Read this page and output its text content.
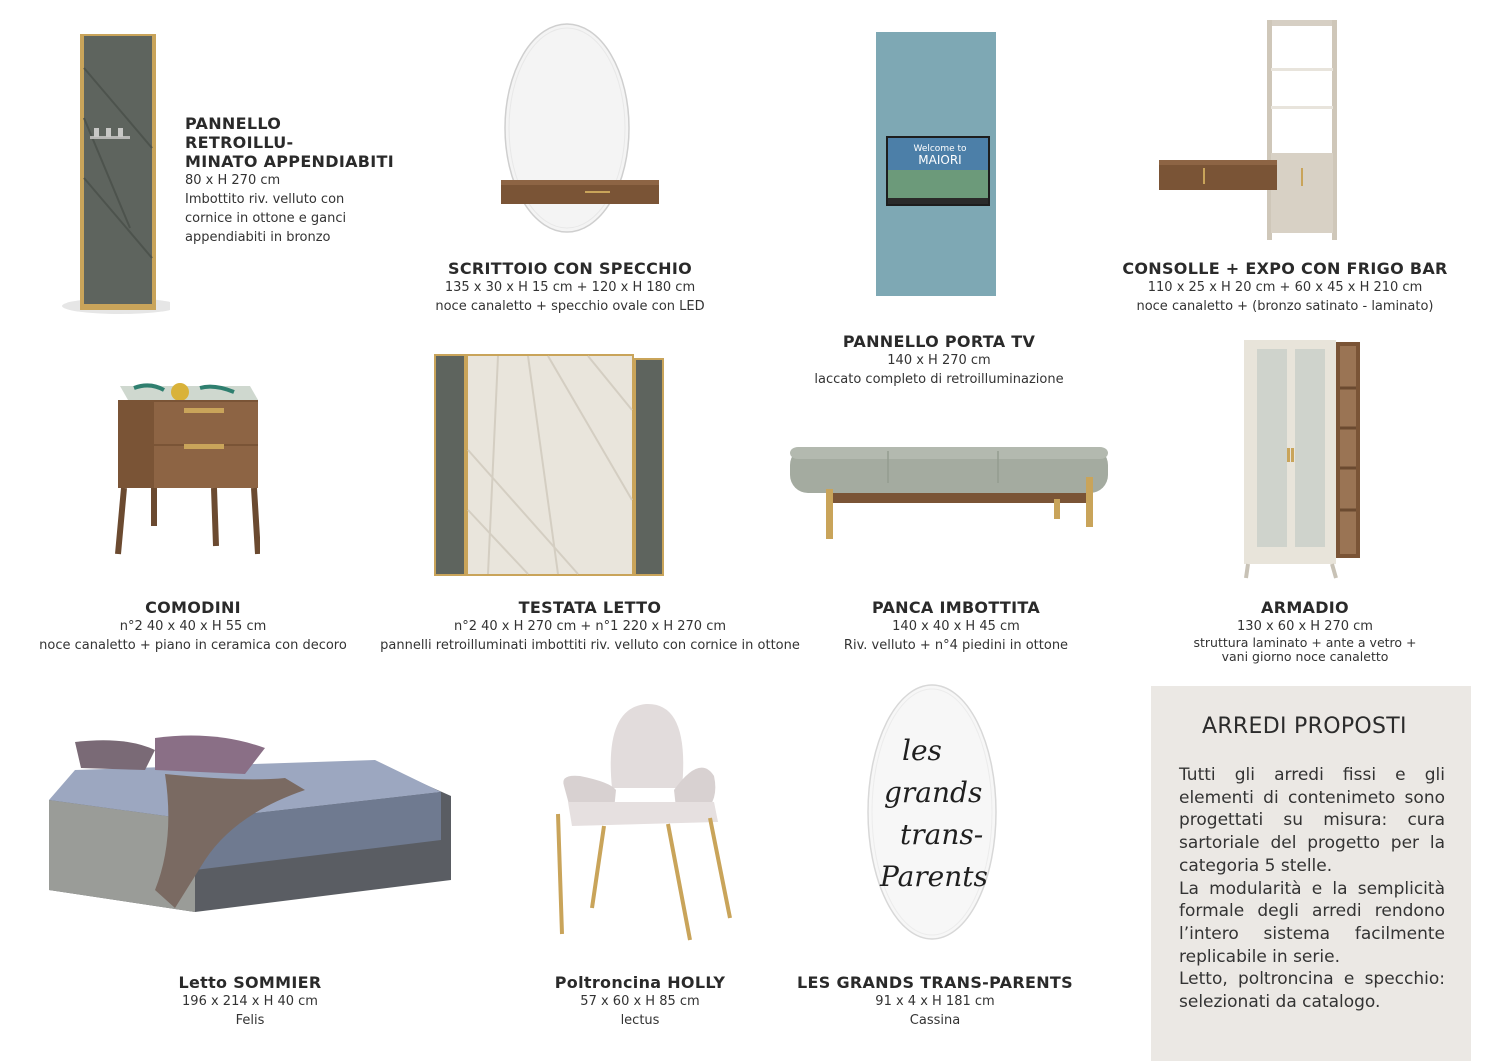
PANNELLO RETROILLU-
MINATO APPENDIABITI
80 x H 270 cm
Imbottito riv. velluto con
cornice in ottone e ganci
appendiabiti in bronzo
SCRITTOIO CON SPECCHIO
135 x 30 x H 15 cm + 120 x H 180 cm
noce canaletto + specchio ovale con LED
Welcome to
MAIORI
PANNELLO PORTA TV
140 x H 270 cm
laccato completo di retroilluminazione
CONSOLLE + EXPO CON FRIGO BAR
110 x 25 x H 20 cm + 60 x 45 x H 210 cm
noce canaletto + (bronzo satinato - laminato)
COMODINI
n°2 40 x 40 x H 55 cm
noce canaletto + piano in ceramica con decoro
TESTATA LETTO
n°2 40 x H 270 cm + n°1 220 x H 270 cm
pannelli retroilluminati imbottiti riv. velluto con cornice in ottone
PANCA IMBOTTITA
140 x 40 x H 45 cm
Riv. velluto + n°4 piedini in ottone
ARMADIO
130 x 60 x H 270 cm
struttura laminato + ante a vetro +
vani giorno noce canaletto
Letto SOMMIER
196 x 214 x H 40 cm
Felis
Poltroncina HOLLY
57 x 60 x H 85 cm
lectus
les
grands
trans-
Parents
LES GRANDS TRANS-PARENTS
91 x 4 x H 181 cm
Cassina
ARREDI PROPOSTI

Tutti gli arredi fissi e gli elementi di contenimeto sono progettati su misura: cura sartoriale del progetto per la categoria 5 stelle.

La modularità e la semplicità formale degli arredi rendono l’intero sistema facilmente replicabile in serie.

Letto, poltroncina e specchio: selezionati da catalogo.
